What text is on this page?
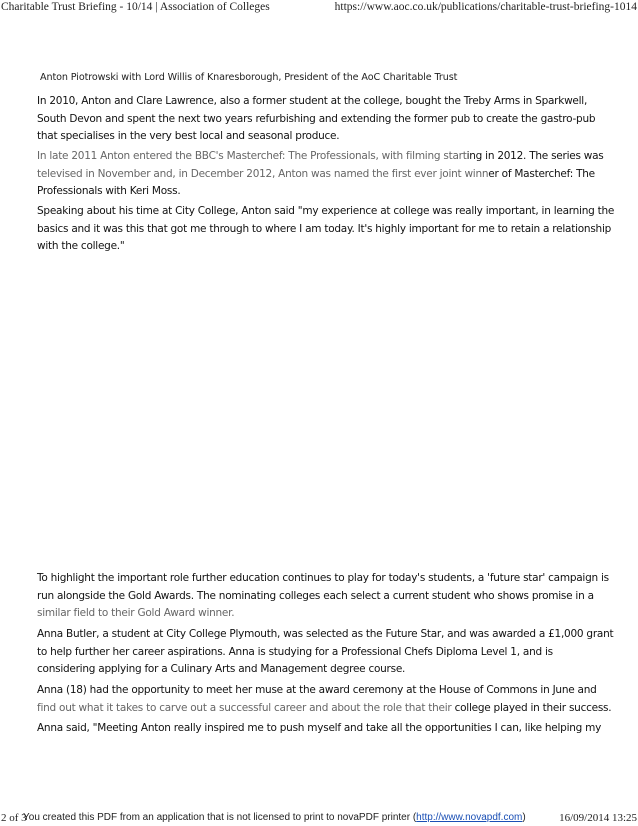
Charitable Trust Briefing - 10/14 | Association of Colleges	https://www.aoc.co.uk/publications/charitable-trust-briefing-1014
Anton Piotrowski with Lord Willis of Knaresborough, President of the AoC Charitable Trust
In 2010, Anton and Clare Lawrence, also a former student at the college, bought the Treby Arms in Sparkwell,
South Devon and spent the next two years refurbishing and extending the former pub to create the gastro-pub
that specialises in the very best local and seasonal produce.
In late 2011 Anton entered the BBC's Masterchef: The Professionals, with filming starting in 2012. The series was
televised in November and, in December 2012, Anton was named the first ever joint winner of Masterchef: The
Professionals with Keri Moss.
Speaking about his time at City College, Anton said "my experience at college was really important, in learning the
basics and it was this that got me through to where I am today. It's highly important for me to retain a relationship
with the college."
To highlight the important role further education continues to play for today's students, a 'future star' campaign is
run alongside the Gold Awards. The nominating colleges each select a current student who shows promise in a
similar field to their Gold Award winner.
Anna Butler, a student at City College Plymouth, was selected as the Future Star, and was awarded a £1,000 grant
to help further her career aspirations. Anna is studying for a Professional Chefs Diploma Level 1, and is
considering applying for a Culinary Arts and Management degree course.
Anna (18) had the opportunity to meet her muse at the award ceremony at the House of Commons in June and
find out what it takes to carve out a successful career and about the role that their college played in their success.
Anna said, "Meeting Anton really inspired me to push myself and take all the opportunities I can, like helping my
2 of 3
You created this PDF from an application that is not licensed to print to novaPDF printer (http://www.novapdf.com)	16/09/2014 13:25
